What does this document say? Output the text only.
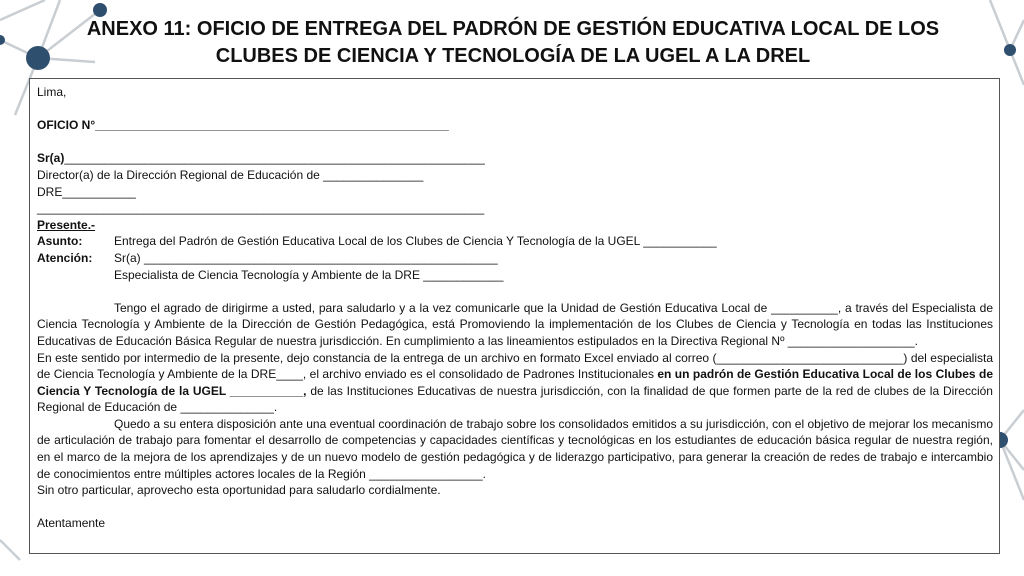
ANEXO 11: OFICIO DE ENTREGA DEL PADRÓN DE GESTIÓN EDUCATIVA LOCAL DE LOS
CLUBES DE CIENCIA Y TECNOLOGÍA DE LA UGEL A LA DREL

Lima,

OFICIO N°_____________________________________________________

Sr(a)_______________________________________________________________

Director(a) de la Dirección Regional de Educación de _______________

DRE___________

___________________________________________________________________

Presente.-

Asunto:	Entrega del Padrón de Gestión Educativa Local de los Clubes de Ciencia Y Tecnología de la UGEL ___________
Atención:	Sr(a) _____________________________________________________

Especialista de Ciencia Tecnología y Ambiente de la DRE ____________

Tengo el agrado de dirigirme a usted, para saludarlo y a la vez comunicarle que la Unidad de Gestión Educativa Local de __________, a través del Especialista de Ciencia Tecnología y Ambiente de la Dirección de Gestión Pedagógica, está Promoviendo la implementación de los Clubes de Ciencia y Tecnología en todas las Instituciones Educativas de Educación Básica Regular de nuestra jurisdicción. En cumplimiento a las lineamientos estipulados en la Directiva Regional Nº ___________________.

En este sentido por intermedio de la presente, dejo constancia de la entrega de un archivo en formato Excel enviado al correo (____________________________) del especialista de Ciencia Tecnología y Ambiente de la DRE____, el archivo enviado es el consolidado de Padrones Institucionales en un padrón de Gestión Educativa Local de los Clubes de Ciencia Y Tecnología de la UGEL ___________, de las Instituciones Educativas de nuestra jurisdicción, con la finalidad de que formen parte de la red de clubes de la Dirección Regional de Educación de ______________.

Quedo a su entera disposición ante una eventual coordinación de trabajo sobre los consolidados emitidos a su jurisdicción, con el objetivo de mejorar los mecanismo de articulación de trabajo para fomentar el desarrollo de competencias y capacidades científicas y tecnológicas en los estudiantes de educación básica regular de nuestra región, en el marco de la mejora de los aprendizajes y de un nuevo modelo de gestión pedagógica y de liderazgo participativo, para generar la creación de redes de trabajo e intercambio de conocimientos entre múltiples actores locales de la Región _________________.

Sin otro particular, aprovecho esta oportunidad para saludarlo cordialmente.

Atentamente
